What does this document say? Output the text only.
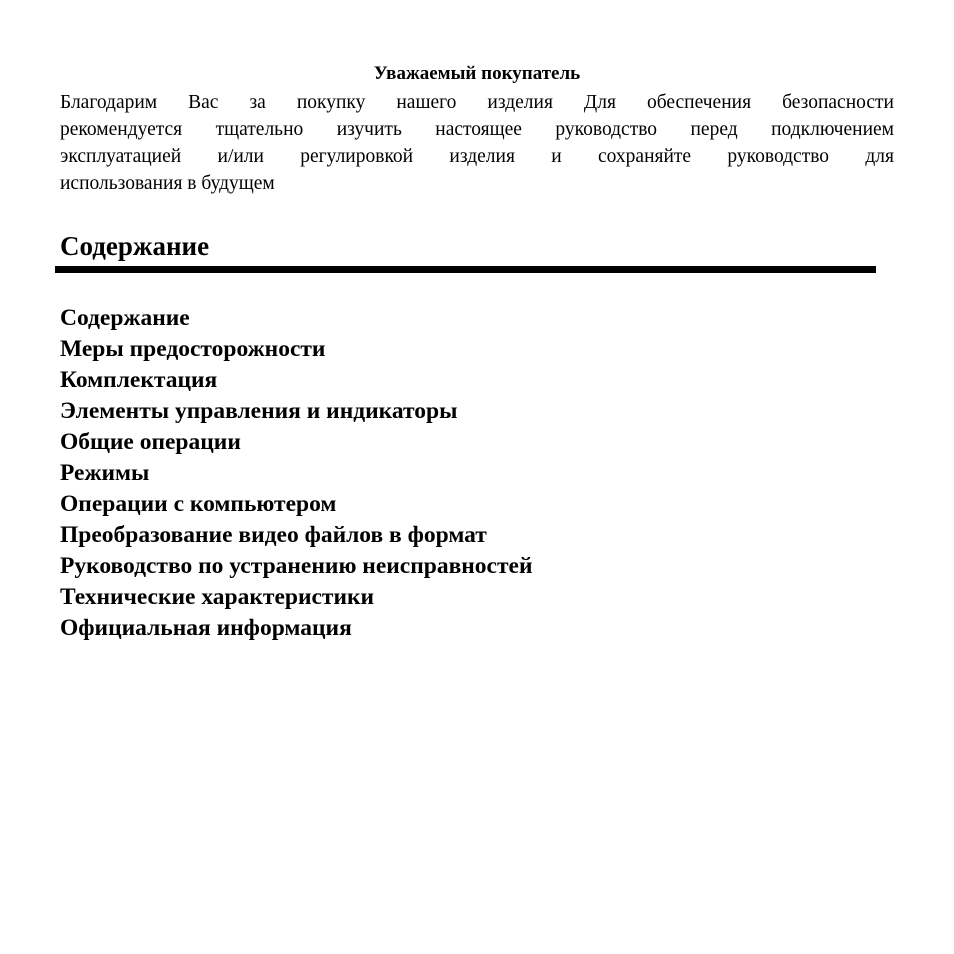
Уважаемый покупатель
Благодарим Вас за покупку нашего изделия Для обеспечения безопасности
рекомендуется тщательно изучить настоящее руководство перед подключением
эксплуатацией и/или регулировкой изделия и сохраняйте руководство для
использования в будущем
Содержание
Содержание
Меры предосторожности
Комплектация
Элементы управления и индикаторы
Общие операции
Режимы
Операции с компьютером
Преобразование видео файлов в формат
Руководство по устранению неисправностей
Технические характеристики
Официальная информация
